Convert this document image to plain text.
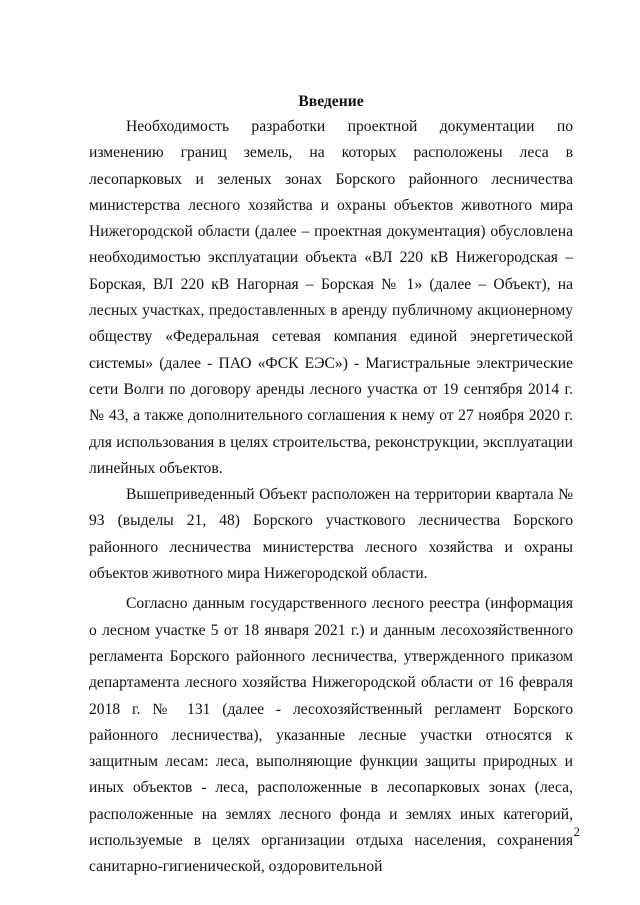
Введение

Необходимость разработки проектной документации по изменению границ земель, на которых расположены леса в лесопарковых и зеленых зонах Борского районного лесничества министерства лесного хозяйства и охраны объектов животного мира Нижегородской области (далее – проектная документация) обусловлена необходимостью эксплуатации объекта «ВЛ 220 кВ Нижегородская – Борская, ВЛ 220 кВ Нагорная – Борская № 1» (далее – Объект), на лесных участках, предоставленных в аренду публичному акционерному обществу «Федеральная сетевая компания единой энергетической системы» (далее - ПАО «ФСК ЕЭС») - Магистральные электрические сети Волги по договору аренды лесного участка от 19 сентября 2014 г. № 43, а также дополнительного соглашения к нему от 27 ноября 2020 г. для использования в целях строительства, реконструкции, эксплуатации линейных объектов.

Вышеприведенный Объект расположен на территории квартала № 93 (выделы 21, 48) Борского участкового лесничества Борского районного лесничества министерства лесного хозяйства и охраны объектов животного мира Нижегородской области.

Согласно данным государственного лесного реестра (информация о лесном участке 5 от 18 января 2021 г.) и данным лесохозяйственного регламента Борского районного лесничества, утвержденного приказом департамента лесного хозяйства Нижегородской области от 16 февраля 2018 г. № 131 (далее - лесохозяйственный регламент Борского районного лесничества), указанные лесные участки относятся к защитным лесам: леса, выполняющие функции защиты природных и иных объектов - леса, расположенные в лесопарковых зонах (леса, расположенные на землях лесного фонда и землях иных категорий, используемые в целях организации отдыха населения, сохранения санитарно-гигиенической, оздоровительной

2
